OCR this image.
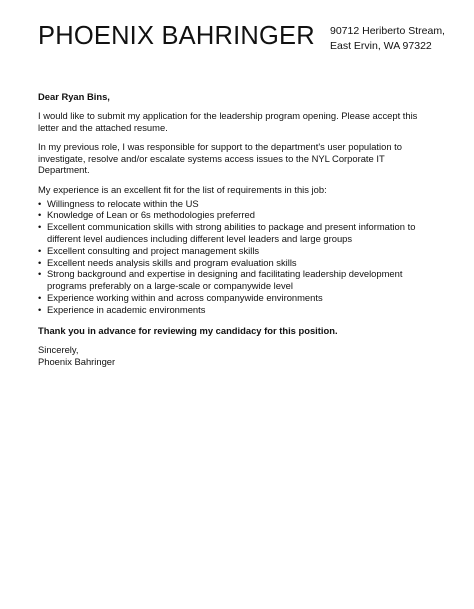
PHOENIX BAHRINGER 90712 Heriberto Stream,
East Ervin, WA 97322

Dear Ryan Bins,

I would like to submit my application for the leadership program opening. Please accept this letter and the attached resume.

In my previous role, I was responsible for support to the department's user population to investigate, resolve and/or escalate systems access issues to the NYL Corporate IT Department.

My experience is an excellent fit for the list of requirements in this job:

• Willingness to relocate within the US
• Knowledge of Lean or 6s methodologies preferred
• Excellent communication skills with strong abilities to package and present information to different level audiences including different level leaders and large groups
• Excellent consulting and project management skills
• Excellent needs analysis skills and program evaluation skills
• Strong background and expertise in designing and facilitating leadership development programs preferably on a large-scale or companywide level
• Experience working within and across companywide environments
• Experience in academic environments

Thank you in advance for reviewing my candidacy for this position.

Sincerely,

Phoenix Bahringer
